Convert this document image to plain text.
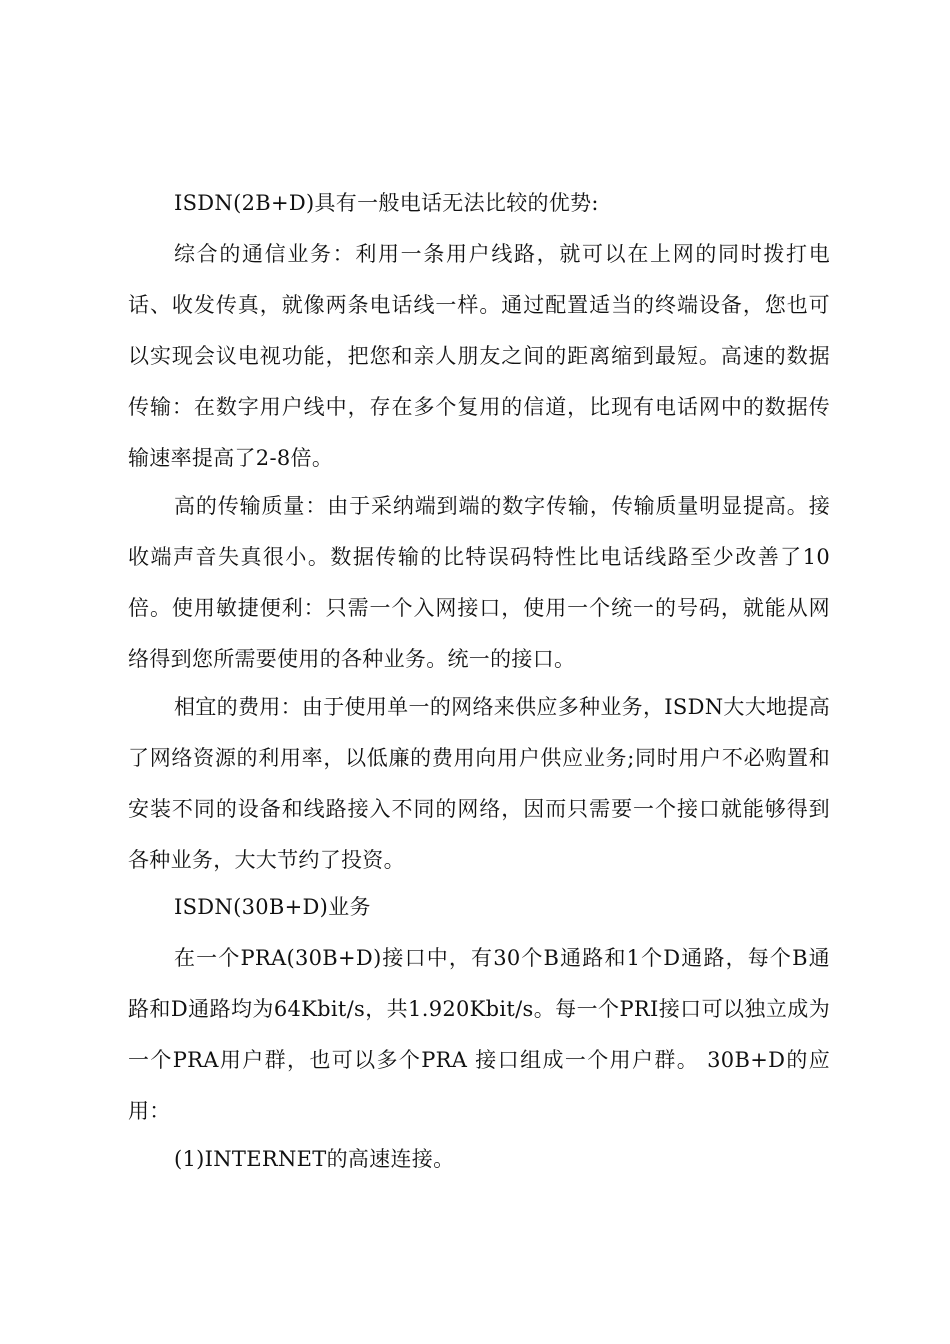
ISDN(2B+D)具有一般电话无法比较的优势:

综合的通信业务：利用一条用户线路，就可以在上网的同时拨打电话、收发传真，就像两条电话线一样。通过配置适当的终端设备，您也可以实现会议电视功能，把您和亲人朋友之间的距离缩到最短。高速的数据传输：在数字用户线中，存在多个复用的信道，比现有电话网中的数据传输速率提高了2-8倍。

高的传输质量：由于采纳端到端的数字传输，传输质量明显提高。接收端声音失真很小。数据传输的比特误码特性比电话线路至少改善了10倍。使用敏捷便利：只需一个入网接口，使用一个统一的号码，就能从网络得到您所需要使用的各种业务。统一的接口。

相宜的费用：由于使用单一的网络来供应多种业务，ISDN大大地提高了网络资源的利用率，以低廉的费用向用户供应业务;同时用户不必购置和安装不同的设备和线路接入不同的网络，因而只需要一个接口就能够得到各种业务，大大节约了投资。

ISDN(30B+D)业务

在一个PRA(30B+D)接口中，有30个B通路和1个D通路，每个B通路和D通路均为64Kbit/s，共1.920Kbit/s。每一个PRI接口可以独立成为一个PRA用户群，也可以多个PRA 接口组成一个用户群。 30B+D的应用：

(1)INTERNET的高速连接。
